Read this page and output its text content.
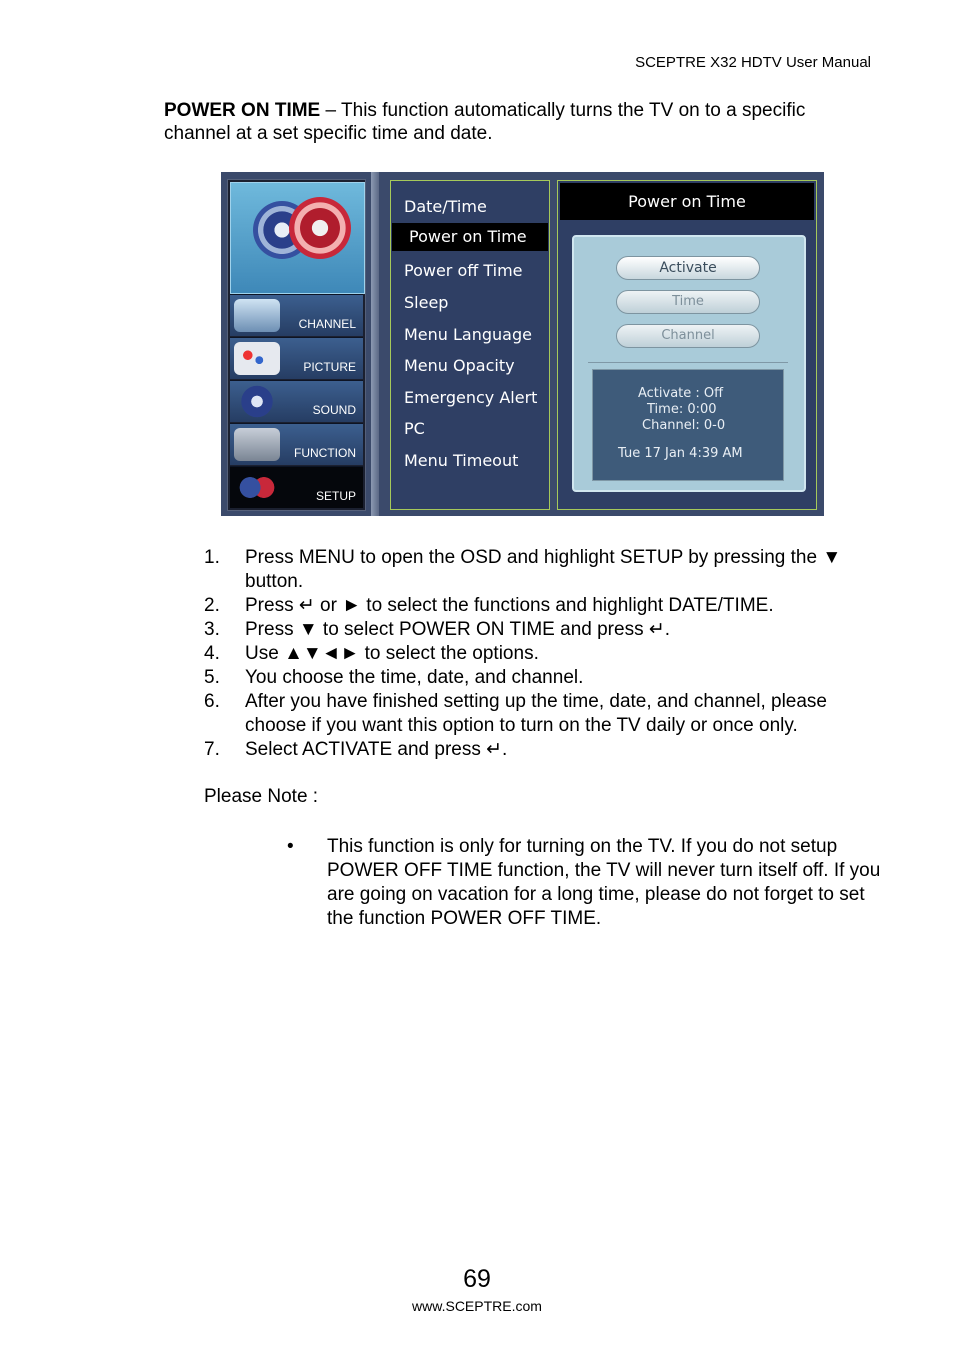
SCEPTRE X32 HDTV User Manual
POWER ON TIME – This function automatically turns the TV on to a specific channel at a set specific time and date.
CHANNEL
PICTURE
SOUND
FUNCTION
SETUP
Date/Time
Power on Time
Power off Time
Sleep
Menu Language
Menu Opacity
Emergency Alert
PC
Menu Timeout
Power on Time
Activate
Time
Channel
Activate : Off
Time: 0:00
Channel: 0-0
Tue 17 Jan 4:39 AM

1. Press MENU to open the OSD and highlight SETUP by pressing the ▼ button.

2. Press ↵ or ► to select the functions and highlight DATE/TIME.

3. Press ▼ to select POWER ON TIME and press ↵.

4. Use ▲▼◄► to select the options.

5. You choose the time, date, and channel.

6. After you have finished setting up the time, date, and channel, please choose if you want this option to turn on the TV daily or once only.

7. Select ACTIVATE and press ↵.

Please Note :
• This function is only for turning on the TV. If you do not setup POWER OFF TIME function, the TV will never turn itself off. If you are going on vacation for a long time, please do not forget to set the function POWER OFF TIME.
69
www.SCEPTRE.com
